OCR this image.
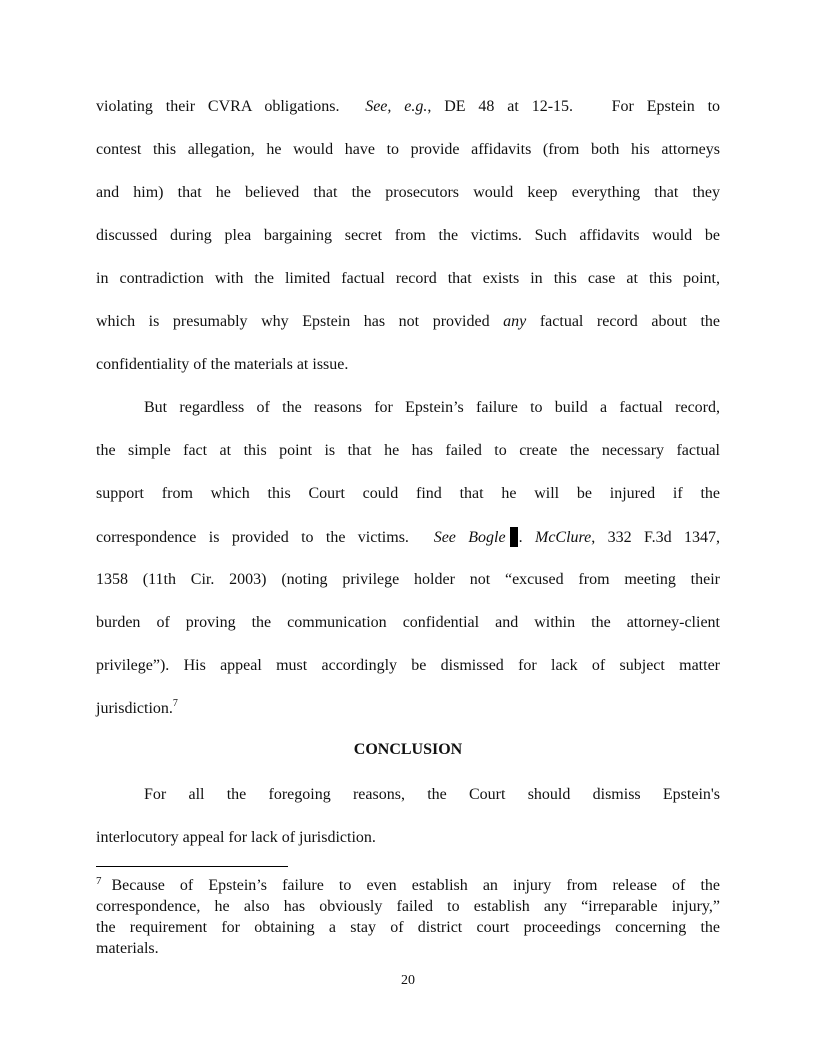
violating their CVRA obligations. See, e.g., DE 48 at 12-15. For Epstein to

contest this allegation, he would have to provide affidavits (from both his attorneys

and him) that he believed that the prosecutors would keep everything that they

discussed during plea bargaining secret from the victims. Such affidavits would be

in contradiction with the limited factual record that exists in this case at this point,

which is presumably why Epstein has not provided any factual record about the

confidentiality of the materials at issue.

But regardless of the reasons for Epstein’s failure to build a factual record,

the simple fact at this point is that he has failed to create the necessary factual

support from which this Court could find that he will be injured if the

correspondence is provided to the victims. See Bogle . McClure, 332 F.3d 1347,

1358 (11th Cir. 2003) (noting privilege holder not “excused from meeting their

burden of proving the communication confidential and within the attorney-client

privilege”). His appeal must accordingly be dismissed for lack of subject matter

jurisdiction.$^7$

CONCLUSION

For all the foregoing reasons, the Court should dismiss Epstein's

interlocutory appeal for lack of jurisdiction.

$^7$ Because of Epstein’s failure to even establish an injury from release of the

correspondence, he also has obviously failed to establish any “irreparable injury,”

the requirement for obtaining a stay of district court proceedings concerning the

materials.

20
